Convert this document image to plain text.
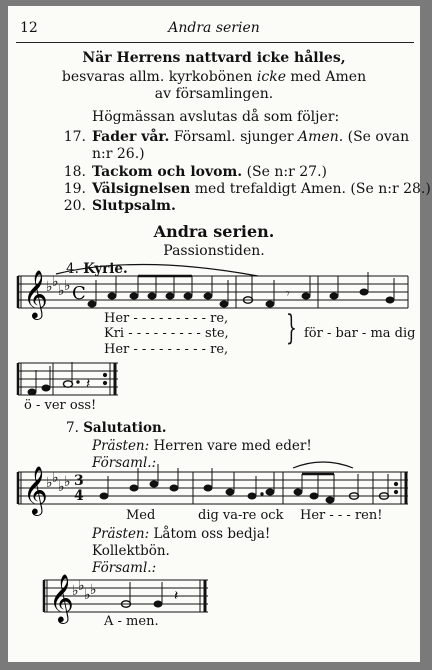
12	Andra serien
När Herrens nattvard icke hålles,
besvaras allm. kyrkobönen icke med Amen
av församlingen.
Högmässan avslutas då som följer:
17. Fader vår. Församl. sjunger Amen. (Se ovan
n:r 26.)
18. Tackom och lovom. (Se n:r 27.)
19. Välsignelsen med trefaldigt Amen. (Se n:r 28.)
20. Slutpsalm.
Andra serien.
Passionstiden.
4. Kyrie.
𝄞
♭ ♭
♭ ♭ C	𝄾
Her - - - - - - - - - re,
Kri - - - - - - - - - ste,
Her - - - - - - - - - re,
} för - bar - ma dig
𝄽
ö - ver oss!
7. Salutation.
Prästen: Herren vare med eder!
Församl.:
𝄞
♭ ♭
♭ ♭ 3
4
Med	dig va-re ock Her - - - ren!
Prästen: Låtom oss bedja!
Kollektbön.
Församl.:
𝄞
♭ ♭
♭ ♭	𝄽
A - men.
